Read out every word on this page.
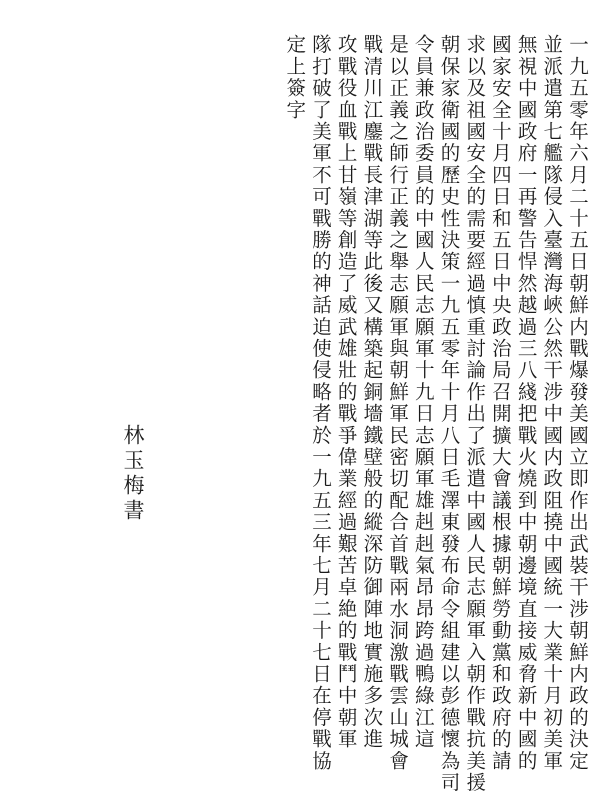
一九五零年六月二十五日朝鮮内戰爆發美國立即作出武裝干涉朝鮮内政的決定
並派遣第七艦隊侵入臺灣海峽公然干涉中國内政阻撓中國統一大業十月初美軍
無視中國政府一再警告悍然越過三八綫把戰火燒到中朝邊境直接威脅新中國的
國家安全十月四日和五日中央政治局召開擴大會議根據朝鮮勞動黨和政府的請
求以及祖國安全的需要經過慎重討論作出了派遣中國人民志願軍入朝作戰抗美援
朝保家衛國的歷史性決策一九五零年十月八日毛澤東發布命令組建以彭德懷為司
令員兼政治委員的中國人民志願軍十九日志願軍雄赳赳氣昂昂跨過鴨綠江這
是以正義之師行正義之舉志願軍與朝鮮軍民密切配合首戰兩水洞激戰雲山城會
戰清川江鏖戰長津湖等此後又構築起銅墻鐵壁般的縱深防御陣地實施多次進
攻戰役血戰上甘嶺等創造了威武雄壯的戰爭偉業經過艱苦卓絶的戰鬥中朝軍
隊打破了美軍不可戰勝的神話迫使侵略者於一九五三年七月二十七日在停戰協
定上簽字
林玉梅書
